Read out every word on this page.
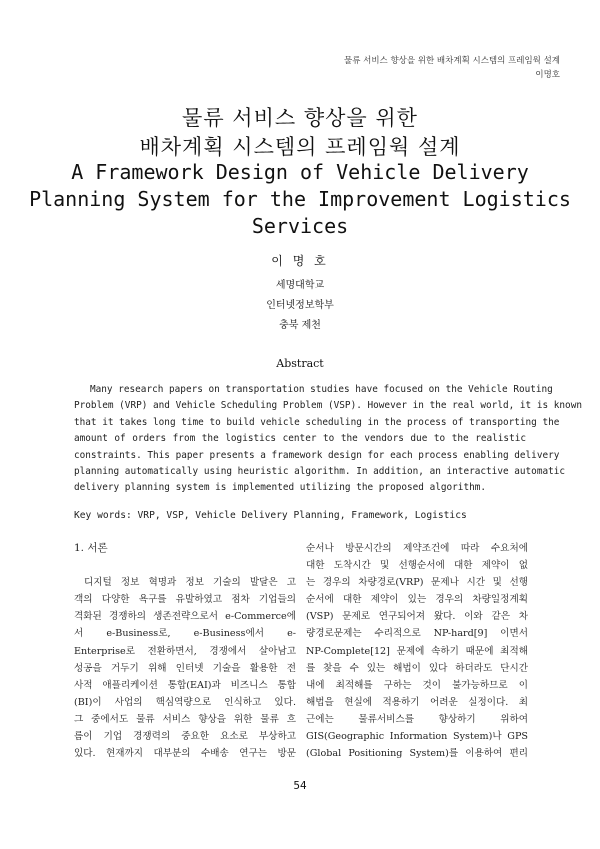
물류 서비스 향상을 위한 배차계획 시스템의 프레임웍 설계
이명호
물류 서비스 향상을 위한
배차계획 시스템의 프레임웍 설계
A Framework Design of Vehicle Delivery
Planning System for the Improvement Logistics
Services
이 명 호
세명대학교
인터넷정보학부
충북 제천
Abstract
Many research papers on transportation studies have focused on the Vehicle Routing
Problem (VRP) and Vehicle Scheduling Problem (VSP). However in the real world, it is known
that it takes long time to build vehicle scheduling in the process of transporting the
amount of orders from the logistics center to the vendors due to the realistic
constraints. This paper presents a framework design for each process enabling delivery
planning automatically using heuristic algorithm. In addition, an interactive automatic
delivery planning system is implemented utilizing the proposed algorithm.
Key words: VRP, VSP, Vehicle Delivery Planning, Framework, Logistics
1. 서론
디지털 정보 혁명과 정보 기술의 발달은 고
객의 다양한 욕구를 유발하였고 점차 기업들의
격화된 경쟁하의 생존전략으로서 e-Commerce에
서     e-Business로,     e-Business에서     e-
Enterprise로 전환하면서, 경쟁에서 살아남고
성공을 거두기 위해 인터넷 기술을 활용한 전
사적 애플리케이션 통합(EAI)과 비즈니스 통합
(BI)이 사업의 핵심역량으로 인식하고 있다.
그 중에서도 물류 서비스 향상을 위한 물류 흐
름이 기업 경쟁력의 중요한 요소로 부상하고
있다. 현재까지 대부분의 수배송 연구는 방문
순서나 방문시간의 제약조건에 따라 수요처에
대한 도착시간 및 선행순서에 대한 제약이 없
는 경우의 차량경로(VRP) 문제나 시간 및 선행
순서에 대한 제약이 있는 경우의 차량일정계획
(VSP) 문제로 연구되어져 왔다. 이와 같은 차
량경로문제는 수리적으로 NP-hard[9] 이면서
NP-Complete[12] 문제에 속하기 때문에 최적해
를 찾을 수 있는 해법이 있다 하더라도 단시간
내에 최적해를 구하는 것이 불가능하므로 이
해법을 현실에 적용하기 어려운 실정이다. 최
근에는     물류서비스를     향상하기     위하여
GIS(Geographic Information System)나 GPS
(Global Positioning System)를 이용하여 편리
54
